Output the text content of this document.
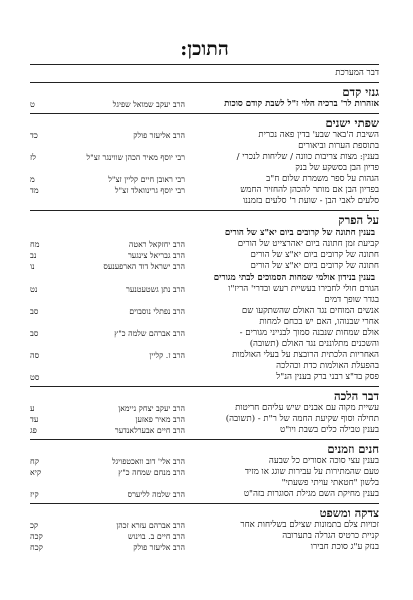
התוכן:
דבר המערכת
גנזי קדם
אזהרות לר' ברכיה הלוי ז"ל לשבת קודם סוכות
הרב יעקב שמואל שפיגל
ט
שפתי ישנים
השיבת ה'באר שבע' בדין פאה נכרית
בתוספת הערות וביאורים
הרב אליעזר פולק
כד
בענין: מצות צריבות כוונה / שליחות לנכרי /
פדיון הבן בסשקע של בנק
רבי יוסף מאיר הכהן שווינגר זצ"ל
לז
הגהות על ספר משמרת שלום ח"ב
רבי ראובן חיים קליין זצ"ל
מ
בפדיון הבן אם מותר להכהן להחזיר החמש
סלעים לאבי הבן - שועת ר' סלעים בזמננו
רבי יוסף גרינוואלד זצ"ל
מד
על הפרק
בענין חתונה של קרובים ביום יא"צ של הורים
קביעת זמן חתונה ביום יאהרצייט של הורים
הרב יחזקאל ראטה
מח
חתונה של קרובים ביום יא"צ של הורים
הרב גבריאל צינגער
נב
חתונה של קרובים ביום יא"צ של הורים
הרב ישראל דוד הארפענעס
נו
בענין בנידון אולמי שמחות הסמוכים לבתי מגורים
הגורם חולי לחבירו בעשיית רעש ובדרי' הריז"ו
בגדר שופך דמים
הרב נתן גשטעטנער
נט
אנשים המוחים נגד האולם שהשתקעו שם
אחרי שבנוהו, האם יש בכחם למחות
הרב נפתלי נוסבוים
סב
אולם שמחות שנבנה סמוך לבנייני מגורים -
והשכנים מתלוננים נגד האולם (תשובה)
הרב אברהם שלמה כ"ץ
סב
האחריות הלכתית הרובצת על בעלי האולמות
בהפעלת האולמות כדת וכהלכה
הרב ז. קליין
סה
פסק בד"צ רבני ברק בענין הנ"ל
סט
דבר הלכה
עשיית מקוה עם אבנים שיש עליהם חריטות
הרב יעקב יצחק ניימאן
ע
תחילה וסוף שקיעת החמה של ר"ת - (תשובה)
הרב מאיר פאזען
עד
בענין טבילה כלים בשבת ויו"ט
הרב חיים אבערלאנדער
פג
חנים וזמנים
בענין עצי סוכה אסורים כל שבעה
הרב אלי' דוב וואכטפויגל
קח
טעם שהמתירות על עבירות שוגג או מזיד
בלשון "חטאתי עויתי פשעתי"
הרב מנחם שמחה כ"ץ
קיא
בענין מחיקת השם מגילת הסוגרות בזה"ט
הרב שלמה לליערס
קיז
צדקה ומשפט
זכויות צלם בתמונות שצילם בשליחות אחר
הרב אברהם עזרא זכהן
קכ
קניית כרטיס הגרלה בתערובה
הרב חיים ב. בוינוש
קכה
בנזק ע"ג סוכת חבירו
הרב אליעזר פולק
קכח
